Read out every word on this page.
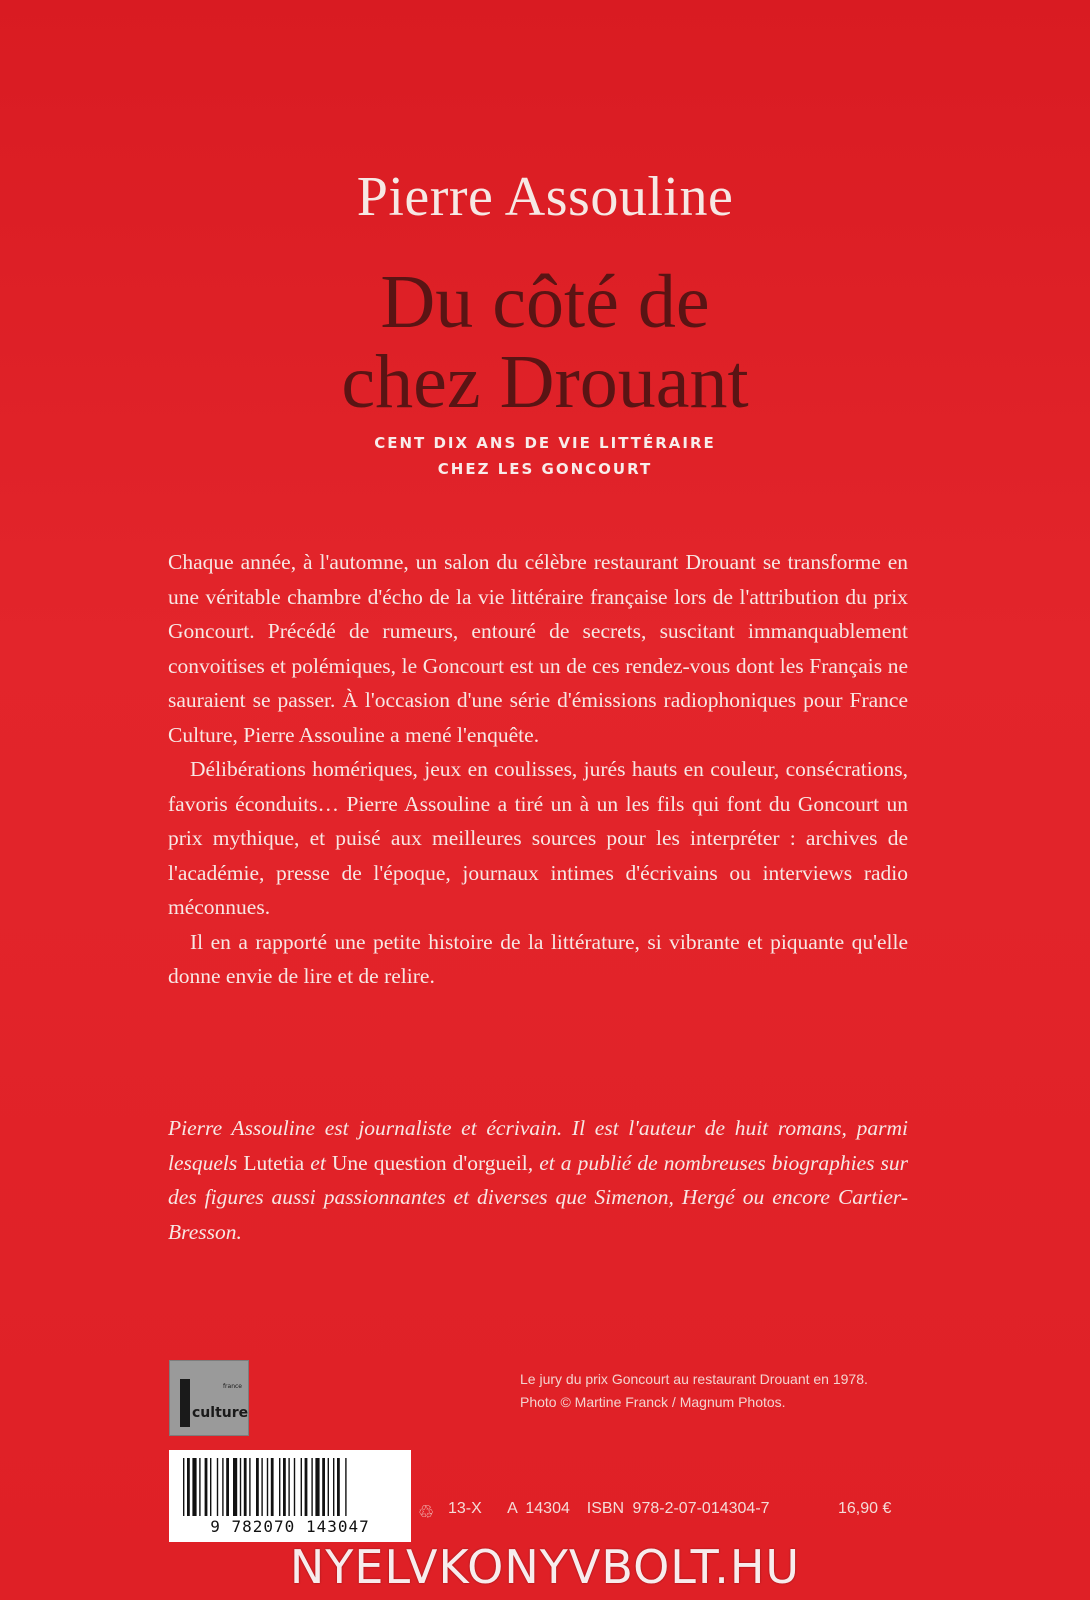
Pierre Assouline
Du côté de
chez Drouant
CENT DIX ANS DE VIE LITTÉRAIRE
CHEZ LES GONCOURT

Chaque année, à l'automne, un salon du célèbre restaurant Drouant se transforme en une véritable chambre d'écho de la vie littéraire française lors de l'attribution du prix Goncourt. Précédé de rumeurs, entouré de secrets, suscitant immanquablement convoitises et polémiques, le Goncourt est un de ces rendez-vous dont les Français ne sauraient se passer. À l'occasion d'une série d'émissions radiophoniques pour France Culture, Pierre Assouline a mené l'enquête.

Délibérations homériques, jeux en coulisses, jurés hauts en couleur, consécrations, favoris éconduits… Pierre Assouline a tiré un à un les fils qui font du Goncourt un prix mythique, et puisé aux meilleures sources pour les interpréter : archives de l'académie, presse de l'époque, journaux intimes d'écrivains ou interviews radio méconnues.

Il en a rapporté une petite histoire de la littérature, si vibrante et piquante qu'elle donne envie de lire et de relire.

Pierre Assouline est journaliste et écrivain. Il est l'auteur de huit romans, parmi lesquels Lutetia et Une question d'orgueil, et a publié de nombreuses biographies sur des figures aussi passionnantes et diverses que Simenon, Hergé ou encore Cartier-Bresson.
france
culture
Le jury du prix Goncourt au restaurant Drouant en 1978.
Photo © Martine Franck / Magnum Photos.
9 782070 143047
♲ 13-X A 14304 ISBN 978-2-07-014304-7	16,90 €
NYELVKONYVBOLT.HU
